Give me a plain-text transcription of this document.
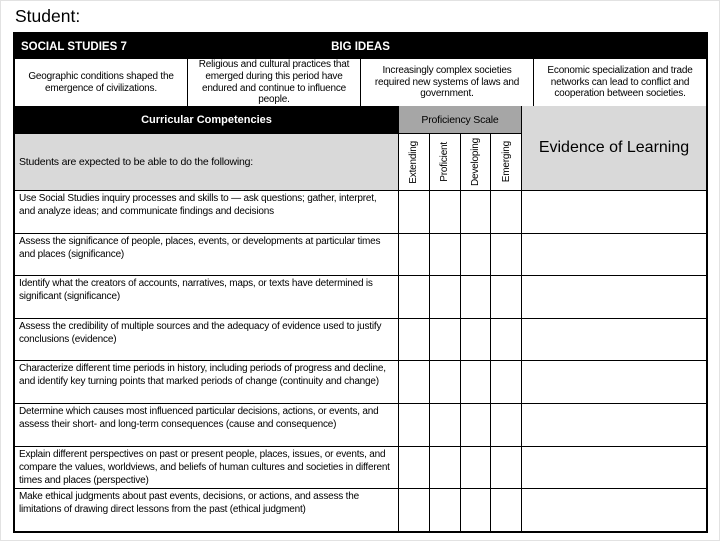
Student:
SOCIAL STUDIES 7	BIG IDEAS
Geographic conditions shaped the emergence of civilizations.
Religious and cultural practices that emerged during this period have endured and continue to influence people.
Increasingly complex societies required new systems of laws and government.
Economic specialization and trade networks can lead to conflict and cooperation between societies.
Curricular Competencies
Students are expected to be able to do the following:
Proficiency Scale
Extending Proficient Developing Emerging	Evidence of Learning
Use Social Studies inquiry processes and skills to — ask questions; gather, interpret, and analyze ideas; and communicate findings and decisions
Assess the significance of people, places, events, or developments at particular times and places (significance)
Identify what the creators of accounts, narratives, maps, or texts have determined is significant (significance)
Assess the credibility of multiple sources and the adequacy of evidence used to justify conclusions (evidence)
Characterize different time periods in history, including periods of progress and decline, and identify key turning points that marked periods of change (continuity and change)
Determine which causes most influenced particular decisions, actions, or events, and assess their short- and long-term consequences (cause and consequence)
Explain different perspectives on past or present people, places, issues, or events, and compare the values, worldviews, and beliefs of human cultures and societies in different times and places (perspective)
Make ethical judgments about past events, decisions, or actions, and assess the limitations of drawing direct lessons from the past (ethical judgment)
